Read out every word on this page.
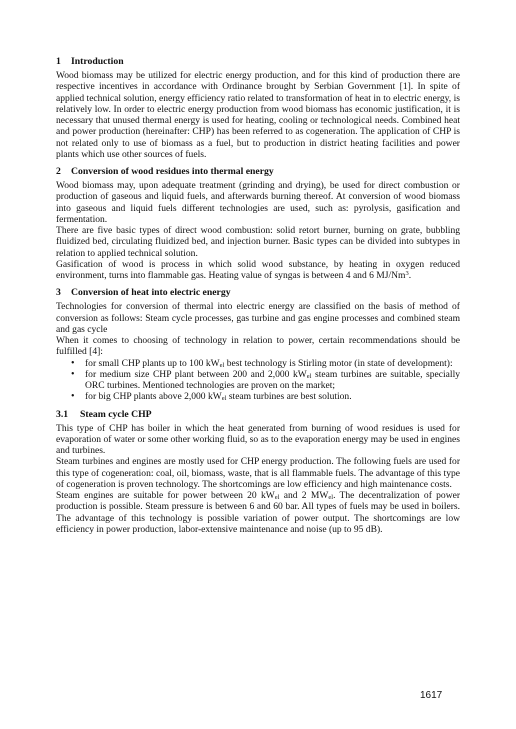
1 Introduction

Wood biomass may be utilized for electric energy production, and for this kind of production there are respective incentives in accordance with Ordinance brought by Serbian Government [1]. In spite of applied technical solution, energy efficiency ratio related to transformation of heat in to electric energy, is relatively low. In order to electric energy production from wood biomass has economic justification, it is necessary that unused thermal energy is used for heating, cooling or technological needs. Combined heat and power production (hereinafter: CHP) has been referred to as cogeneration. The application of CHP is not related only to use of biomass as a fuel, but to production in district heating facilities and power plants which use other sources of fuels.

2 Conversion of wood residues into thermal energy

Wood biomass may, upon adequate treatment (grinding and drying), be used for direct combustion or production of gaseous and liquid fuels, and afterwards burning thereof. At conversion of wood biomass into gaseous and liquid fuels different technologies are used, such as: pyrolysis, gasification and fermentation.

There are five basic types of direct wood combustion: solid retort burner, burning on grate, bubbling fluidized bed, circulating fluidized bed, and injection burner. Basic types can be divided into subtypes in relation to applied technical solution.

Gasification of wood is process in which solid wood substance, by heating in oxygen reduced environment, turns into flammable gas. Heating value of syngas is between 4 and 6 MJ/Nm$^3$.

3 Conversion of heat into electric energy

Technologies for conversion of thermal into electric energy are classified on the basis of method of conversion as follows: Steam cycle processes, gas turbine and gas engine processes and combined steam and gas cycle

When it comes to choosing of technology in relation to power, certain recommendations should be fulfilled [4]:

• for small CHP plants up to 100 $kW_{el}$ best technology is Stirling motor (in state of development):
• for medium size CHP plant between 200 and 2,000 $kW_{el}$ steam turbines are suitable, specially ORC turbines. Mentioned technologies are proven on the market;
• for big CHP plants above 2,000 $kW_{el}$ steam turbines are best solution.
3.1 Steam cycle CHP

This type of CHP has boiler in which the heat generated from burning of wood residues is used for evaporation of water or some other working fluid, so as to the evaporation energy may be used in engines and turbines.

Steam turbines and engines are mostly used for CHP energy production. The following fuels are used for this type of cogeneration: coal, oil, biomass, waste, that is all flammable fuels. The advantage of this type of cogeneration is proven technology. The shortcomings are low efficiency and high maintenance costs.

Steam engines are suitable for power between 20 $kW_{el}$ and 2 $MW_{el}$. The decentralization of power production is possible. Steam pressure is between 6 and 60 bar. All types of fuels may be used in boilers. The advantage of this technology is possible variation of power output. The shortcomings are low efficiency in power production, labor-extensive maintenance and noise (up to 95 dB).

1617
